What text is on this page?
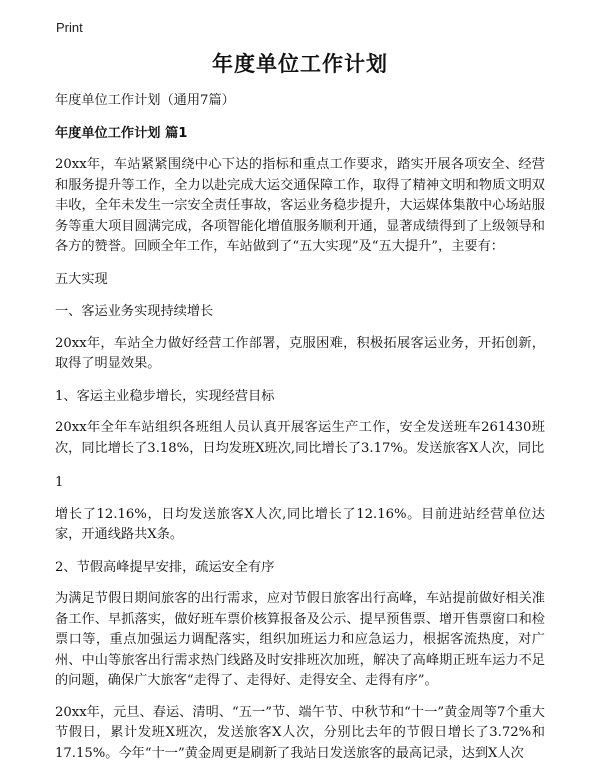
Print
年度单位工作计划

年度单位工作计划（通用7篇）

年度单位工作计划 篇1

20xx年，车站紧紧围绕中心下达的指标和重点工作要求，踏实开展各项安全、经营和服务提升等工作，全力以赴完成大运交通保障工作，取得了精神文明和物质文明双丰收，全年未发生一宗安全责任事故，客运业务稳步提升，大运媒体集散中心场站服务等重大项目圆满完成，各项智能化增值服务顺利开通，显著成绩得到了上级领导和各方的赞誉。回顾全年工作，车站做到了“五大实现”及“五大提升”，主要有：

五大实现

一、客运业务实现持续增长

20xx年，车站全力做好经营工作部署，克服困难，积极拓展客运业务，开拓创新，取得了明显效果。

1、客运主业稳步增长，实现经营目标

20xx年全年车站组织各班组人员认真开展客运生产工作，安全发送班车261430班次，同比增长了3.18%，日均发班X班次,同比增长了3.17%。发送旅客X人次，同比

1

增长了12.16%，日均发送旅客X人次,同比增长了12.16%。目前进站经营单位达家，开通线路共X条。

2、节假高峰提早安排，疏运安全有序

为满足节假日期间旅客的出行需求，应对节假日旅客出行高峰，车站提前做好相关准备工作、早抓落实，做好班车票价核算报备及公示、提早预售票、增开售票窗口和检票口等，重点加强运力调配落实，组织加班运力和应急运力，根据客流热度，对广州、中山等旅客出行需求热门线路及时安排班次加班，解决了高峰期正班车运力不足的问题，确保广大旅客“走得了、走得好、走得安全、走得有序”。

20xx年，元旦、春运、清明、“五一”节、端午节、中秋节和“十一”黄金周等7个重大节假日，累计发班X班次，发送旅客X人次，分别比去年的节假日增长了3.72%和17.15%。今年“十一”黄金周更是刷新了我站日发送旅客的最高记录，达到X人次
